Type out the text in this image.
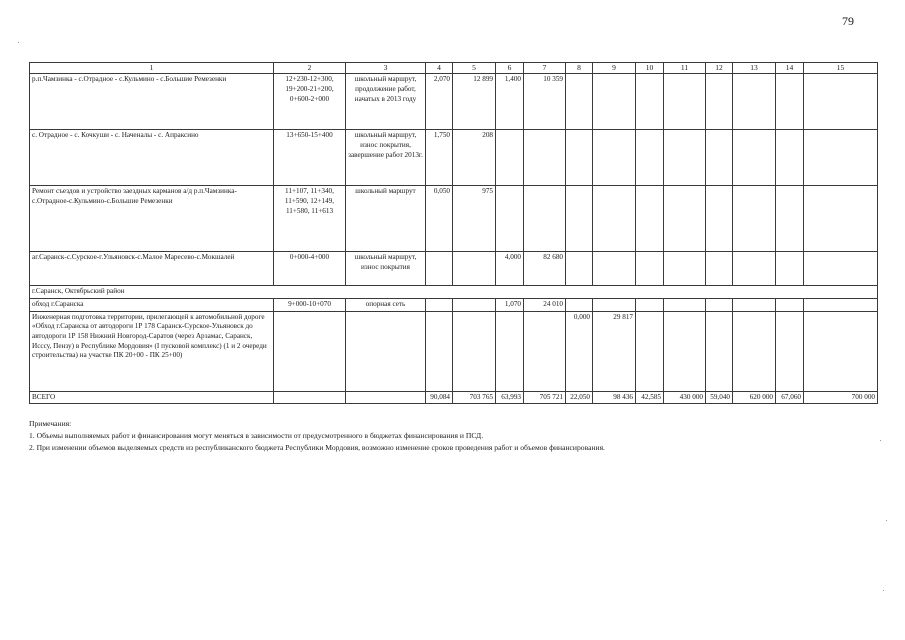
79
1	2	3	4	5	6	7	8	9	10	11	12	13	14	15
р.п.Чамзинка - с.Отрадное - с.Кульмино - с.Большие Ремезенки	12+230-12+300,
19+200-21+200,
0+600-2+000	школьный маршрут, продолжение работ, начатых в 2013 году	2,070	12 899	1,400	10 359								
с. Отрадное - с. Кочкуши - с. Наченалы - с. Апраксино	13+650-15+400	школьный маршрут, износ покрытия, завершение работ 2013г.	1,750	208										
Ремонт съездов и устройство заездных карманов а/д р.п.Чамзинка-с.Отрадное-с.Кульмино-с.Большие Ремезенки	11+107, 11+340,
11+590, 12+149,
11+580, 11+613	школьный маршрут	0,050	975										
аг.Саранск-с.Сурское-г.Ульяновск-с.Малое Маресево-с.Мокшалей	0+000-4+000	школьный маршрут, износ покрытия			4,000	82 680								
г.Саранск, Октябрьский район														
обход г.Саранска	9+000-10+070	опорная сеть			1,070	24 010								
Инженерная подготовка территории, прилегающей к автомобильной дороге «Обход г.Саранска от автодороги 1Р 178 Саранск-Сурское-Ульяновск до автодороги 1Р 158 Нижний Новгород-Саратов (через Арзамас, Саранск, Исссу, Пензу) в Республике Мордовия» (I пусковой комплекс) (1 и 2 очереди строительства) на участке ПК 20+00 - ПК 25+00)							0,000	29 817						
ВСЕГО			90,084	703 765	63,993	705 721	22,050	98 436	42,585	430 000	59,040	620 000	67,060	700 000

Примечания:

1. Объемы выполняемых работ и финансирования могут меняться в зависимости от предусмотренного в бюджетах финансирования и ПСД.

2. При изменении объемов выделяемых средств из республиканского бюджета Республики Мордовия, возможно изменение сроков проведения работ и объемов финансирования.
